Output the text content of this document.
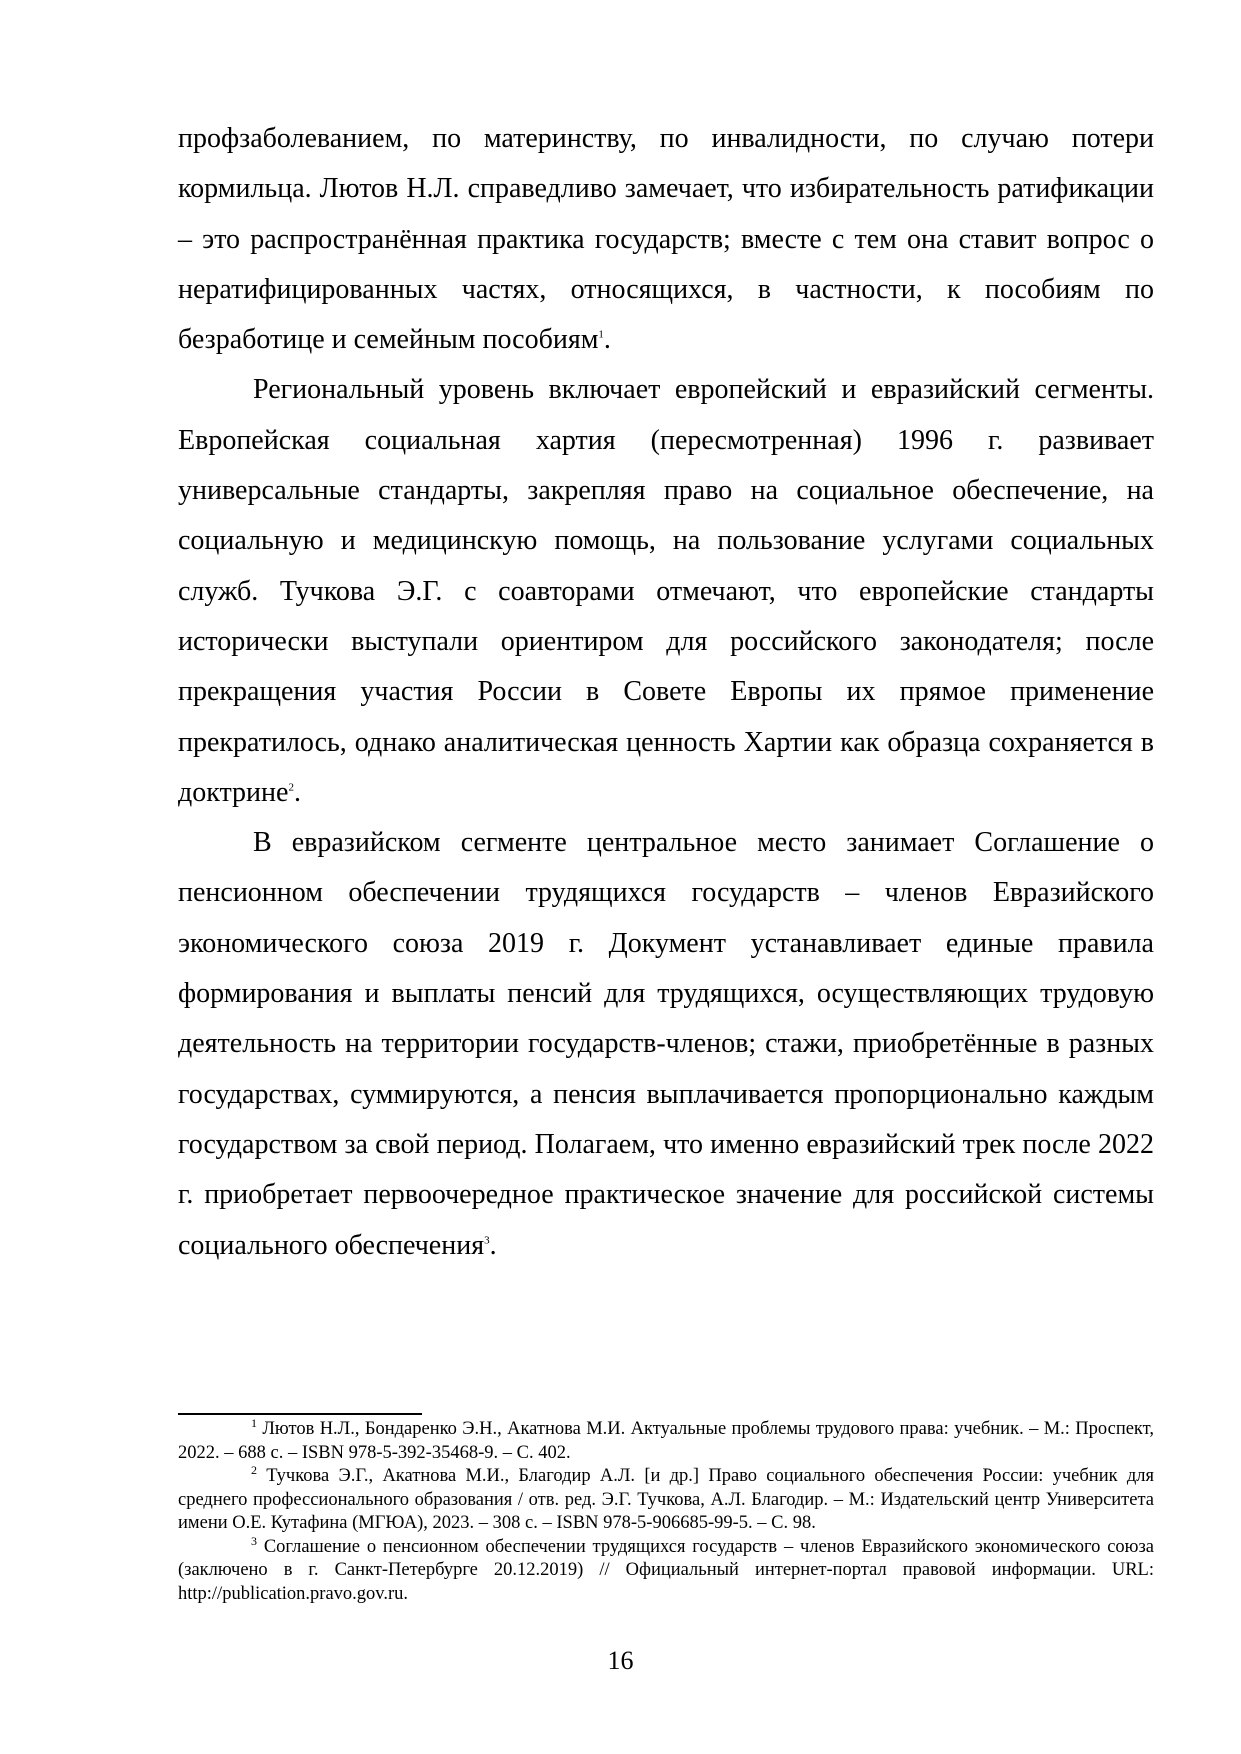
профзаболеванием, по материнству, по инвалидности, по случаю потери кормильца. Лютов Н.Л. справедливо замечает, что избирательность ратификации – это распространённая практика государств; вместе с тем она ставит вопрос о нератифицированных частях, относящихся, в частности, к пособиям по безработице и семейным пособиям$^1$.

Региональный уровень включает европейский и евразийский сегменты. Европейская социальная хартия (пересмотренная) 1996 г. развивает универсальные стандарты, закрепляя право на социальное обеспечение, на социальную и медицинскую помощь, на пользование услугами социальных служб. Тучкова Э.Г. с соавторами отмечают, что европейские стандарты исторически выступали ориентиром для российского законодателя; после прекращения участия России в Совете Европы их прямое применение прекратилось, однако аналитическая ценность Хартии как образца сохраняется в доктрине$^2$.

В евразийском сегменте центральное место занимает Соглашение о пенсионном обеспечении трудящихся государств – членов Евразийского экономического союза 2019 г. Документ устанавливает единые правила формирования и выплаты пенсий для трудящихся, осуществляющих трудовую деятельность на территории государств-членов; стажи, приобретённые в разных государствах, суммируются, а пенсия выплачивается пропорционально каждым государством за свой период. Полагаем, что именно евразийский трек после 2022 г. приобретает первоочередное практическое значение для российской системы социального обеспечения$^3$.

$^1$ Лютов Н.Л., Бондаренко Э.Н., Акатнова М.И. Актуальные проблемы трудового права: учебник. – М.: Проспект, 2022. – 688 с. – ISBN 978-5-392-35468-9. – С. 402.

$^2$ Тучкова Э.Г., Акатнова М.И., Благодир А.Л. [и др.] Право социального обеспечения России: учебник для среднего профессионального образования / отв. ред. Э.Г. Тучкова, А.Л. Благодир. – М.: Издательский центр Университета имени О.Е. Кутафина (МГЮА), 2023. – 308 с. – ISBN 978-5-906685-99-5. – С. 98.

$^3$ Соглашение о пенсионном обеспечении трудящихся государств – членов Евразийского экономического союза (заключено в г. Санкт-Петербурге 20.12.2019) // Официальный интернет-портал правовой информации. URL: http://publication.pravo.gov.ru.

16
